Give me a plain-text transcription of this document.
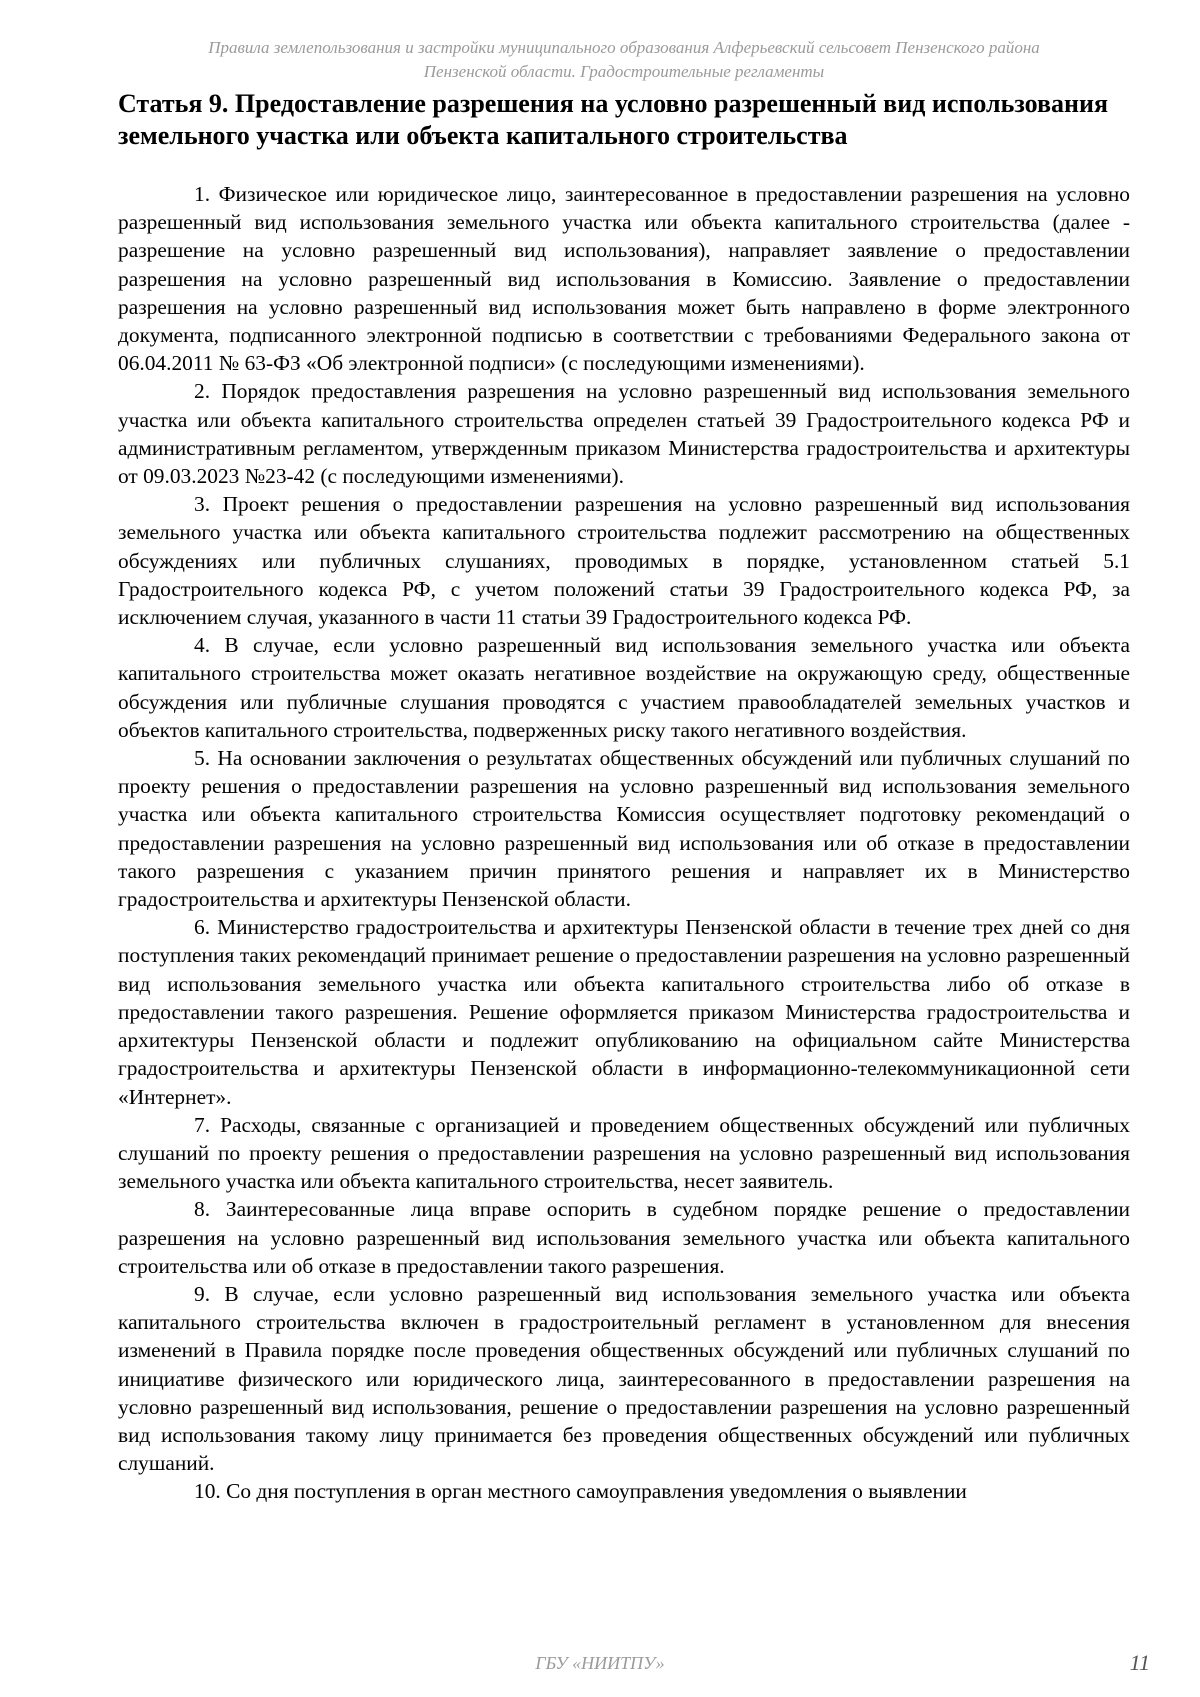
Правила землепользования и застройки муниципального образования Алферьевский сельсовет Пензенского района
Пензенской области. Градостроительные регламенты
Статья 9. Предоставление разрешения на условно разрешенный вид использования земельного участка или объекта капитального строительства

1. Физическое или юридическое лицо, заинтересованное в предоставлении разрешения на условно разрешенный вид использования земельного участка или объекта капитального строительства (далее - разрешение на условно разрешенный вид использования), направляет заявление о предоставлении разрешения на условно разрешенный вид использования в Комиссию. Заявление о предоставлении разрешения на условно разрешенный вид использования может быть направлено в форме электронного документа, подписанного электронной подписью в соответствии с требованиями Федерального закона от 06.04.2011 № 63-ФЗ «Об электронной подписи» (с последующими изменениями).

2. Порядок предоставления разрешения на условно разрешенный вид использования земельного участка или объекта капитального строительства определен статьей 39 Градостроительного кодекса РФ и административным регламентом, утвержденным приказом Министерства градостроительства и архитектуры от 09.03.2023 №23-42 (с последующими изменениями).

3. Проект решения о предоставлении разрешения на условно разрешенный вид использования земельного участка или объекта капитального строительства подлежит рассмотрению на общественных обсуждениях или публичных слушаниях, проводимых в порядке, установленном статьей 5.1 Градостроительного кодекса РФ, с учетом положений статьи 39 Градостроительного кодекса РФ, за исключением случая, указанного в части 11 статьи 39 Градостроительного кодекса РФ.

4. В случае, если условно разрешенный вид использования земельного участка или объекта капитального строительства может оказать негативное воздействие на окружающую среду, общественные обсуждения или публичные слушания проводятся с участием правообладателей земельных участков и объектов капитального строительства, подверженных риску такого негативного воздействия.

5. На основании заключения о результатах общественных обсуждений или публичных слушаний по проекту решения о предоставлении разрешения на условно разрешенный вид использования земельного участка или объекта капитального строительства Комиссия осуществляет подготовку рекомендаций о предоставлении разрешения на условно разрешенный вид использования или об отказе в предоставлении такого разрешения с указанием причин принятого решения и направляет их в Министерство градостроительства и архитектуры Пензенской области.

6. Министерство градостроительства и архитектуры Пензенской области в течение трех дней со дня поступления таких рекомендаций принимает решение о предоставлении разрешения на условно разрешенный вид использования земельного участка или объекта капитального строительства либо об отказе в предоставлении такого разрешения. Решение оформляется приказом Министерства градостроительства и архитектуры Пензенской области и подлежит опубликованию на официальном сайте Министерства градостроительства и архитектуры Пензенской области в информационно-телекоммуникационной сети «Интернет».

7. Расходы, связанные с организацией и проведением общественных обсуждений или публичных слушаний по проекту решения о предоставлении разрешения на условно разрешенный вид использования земельного участка или объекта капитального строительства, несет заявитель.

8. Заинтересованные лица вправе оспорить в судебном порядке решение о предоставлении разрешения на условно разрешенный вид использования земельного участка или объекта капитального строительства или об отказе в предоставлении такого разрешения.

9. В случае, если условно разрешенный вид использования земельного участка или объекта капитального строительства включен в градостроительный регламент в установленном для внесения изменений в Правила порядке после проведения общественных обсуждений или публичных слушаний по инициативе физического или юридического лица, заинтересованного в предоставлении разрешения на условно разрешенный вид использования, решение о предоставлении разрешения на условно разрешенный вид использования такому лицу принимается без проведения общественных обсуждений или публичных слушаний.

10. Со дня поступления в орган местного самоуправления уведомления о выявлении

ГБУ «НИИТПУ»	11
